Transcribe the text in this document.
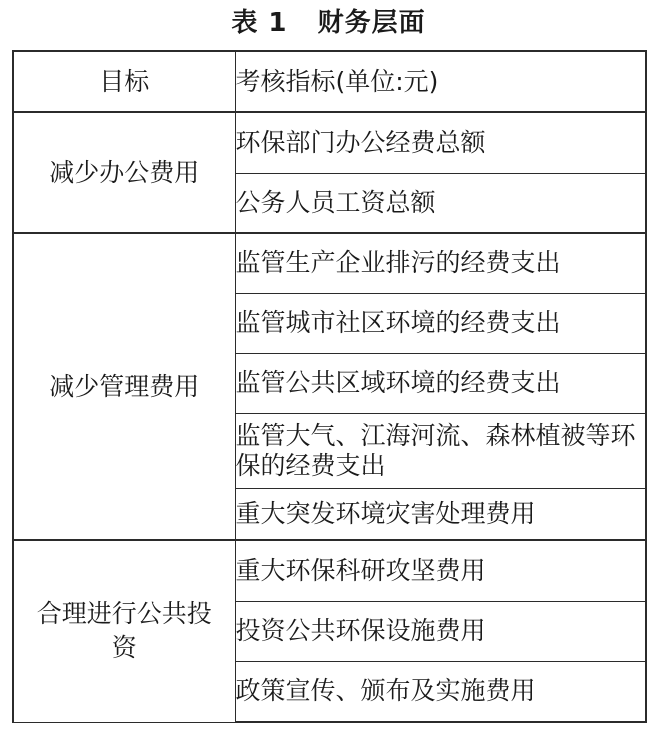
表 1   财务层面
目标	考核指标(单位:元)
减少办公费用	环保部门办公经费总额
	公务人员工资总额
减少管理费用	监管生产企业排污的经费支出
	监管城市社区环境的经费支出
	监管公共区域环境的经费支出
	监管大气、江海河流、森林植被等环保的经费支出
	重大突发环境灾害处理费用
合理进行公共投资	重大环保科研攻坚费用
	投资公共环保设施费用
	政策宣传、颁布及实施费用
